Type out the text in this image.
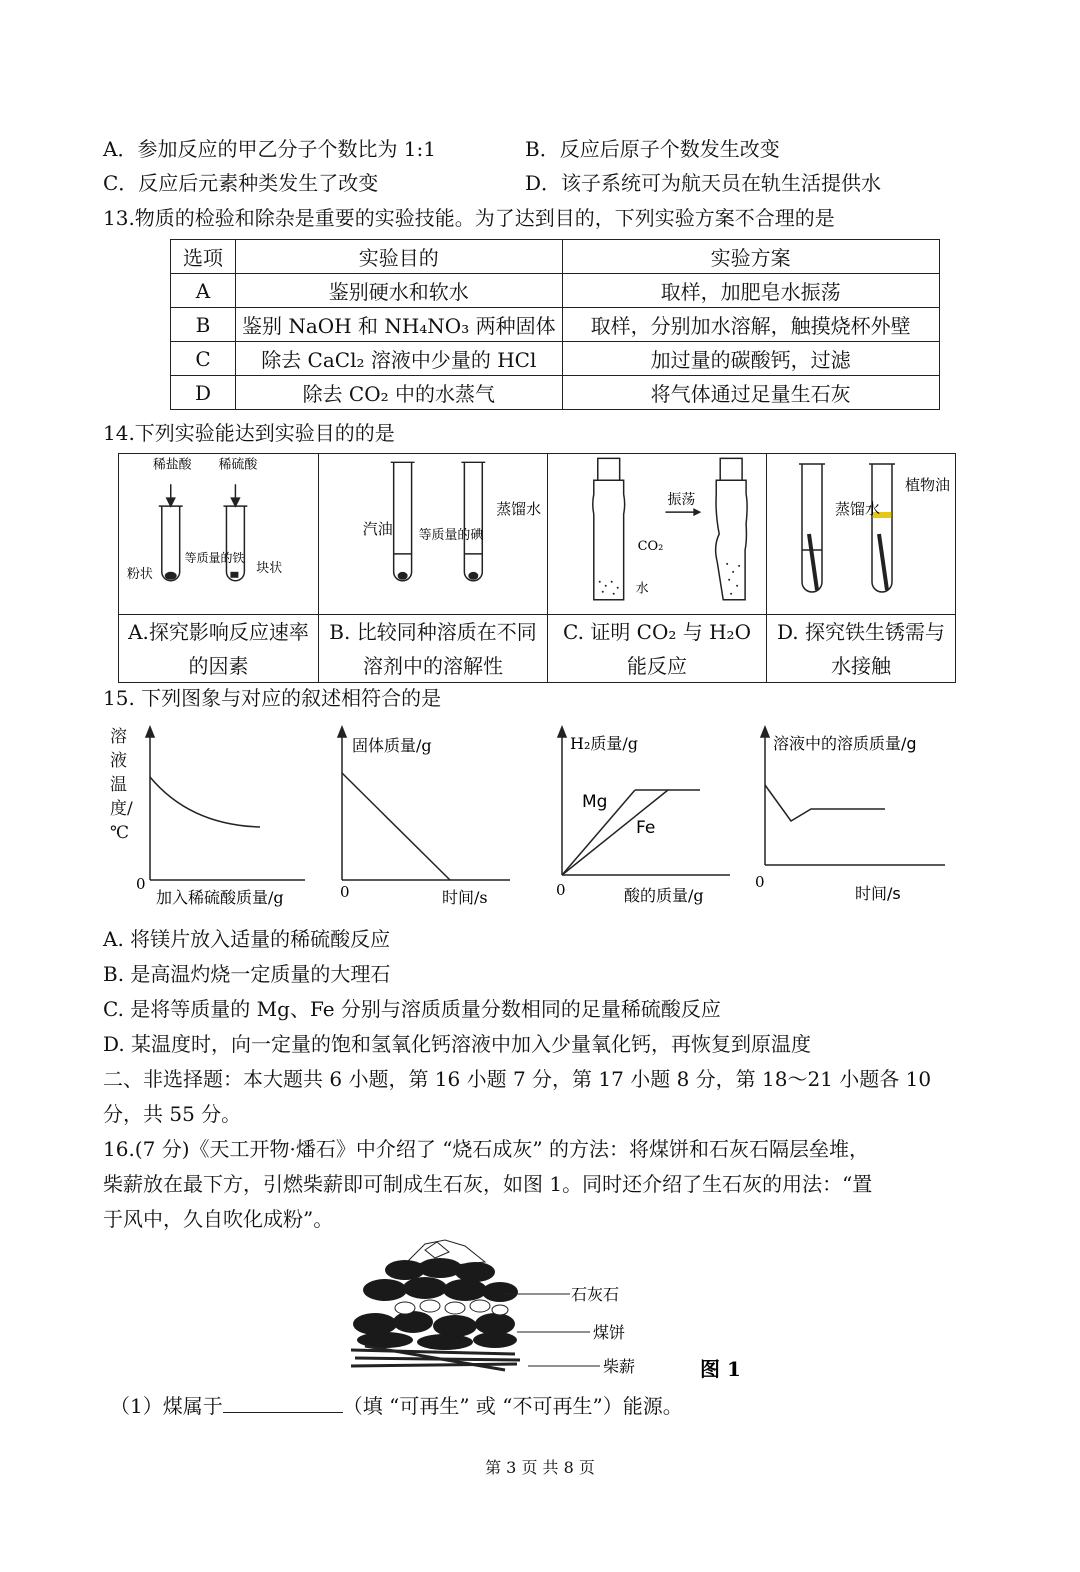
A．参加反应的甲乙分子个数比为 1:1	B．反应后原子个数发生改变
C．反应后元素种类发生了改变	D．该子系统可为航天员在轨生活提供水
13.物质的检验和除杂是重要的实验技能。为了达到目的，下列实验方案不合理的是
选项	实验目的	实验方案
A	鉴别硬水和软水	取样，加肥皂水振荡
B	鉴别 NaOH 和 NH₄NO₃ 两种固体	取样，分别加水溶解，触摸烧杯外壁
C	除去 CaCl₂ 溶液中少量的 HCl	加过量的碳酸钙，过滤
D	除去 CO₂ 中的水蒸气	将气体通过足量生石灰
14.下列实验能达到实验目的的是
稀盐酸 稀硫酸
粉状
等质量的铁
块状
A.探究影响反应速率的因素
汽油 等质量的碘
蒸馏水
B. 比较同种溶质在不同溶剂中的溶解性
振荡
CO₂
水
C. 证明 CO₂ 与 H₂O 能反应
蒸馏水
植物油
D. 探究铁生锈需与水接触
15. 下列图象与对应的叙述相符合的是
0
加入稀硫酸质量/g
溶液温度/℃
固体质量/g
0	时间/s
H₂质量/g
Mg
Fe
0	酸的质量/g
溶液中的溶质质量/g
0
时间/s
A. 将镁片放入适量的稀硫酸反应
B. 是高温灼烧一定质量的大理石
C. 是将等质量的 Mg、Fe 分别与溶质质量分数相同的足量稀硫酸反应
D. 某温度时，向一定量的饱和氢氧化钙溶液中加入少量氧化钙，再恢复到原温度
二、非选择题：本大题共 6 小题，第 16 小题 7 分，第 17 小题 8 分，第 18～21 小题各 10
分，共 55 分。
16.(7 分)《天工开物·燔石》中介绍了 “烧石成灰” 的方法：将煤饼和石灰石隔层垒堆，
柴薪放在最下方，引燃柴薪即可制成生石灰，如图 1。同时还介绍了生石灰的用法：“置
于风中，久自吹化成粉”。
石灰石
煤饼
柴薪	图 1
（1）煤属于	（填 “可再生” 或 “不可再生”）能源。
第 3 页 共 8 页
